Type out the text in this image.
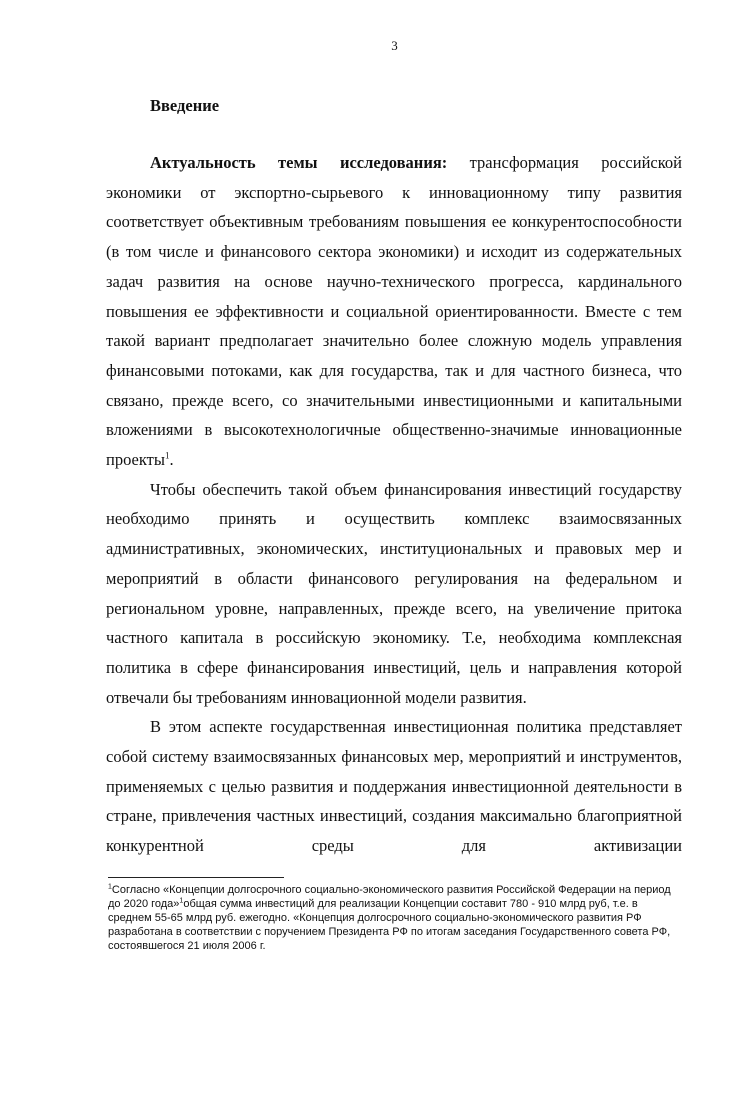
3
Введение

Актуальность темы исследования: трансформация российской экономики от экспортно-сырьевого к инновационному типу развития соответствует объективным требованиям повышения ее конкурентоспособности (в том числе и финансового сектора экономики) и исходит из содержательных задач развития на основе научно-технического прогресса, кардинального повышения ее эффективности и социальной ориентированности. Вместе с тем такой вариант предполагает значительно более сложную модель управления финансовыми потоками, как для государства, так и для частного бизнеса, что связано, прежде всего, со значительными инвестиционными и капитальными вложениями в высокотехнологичные общественно-значимые инновационные проекты$^1$.

Чтобы обеспечить такой объем финансирования инвестиций государству необходимо принять и осуществить комплекс взаимосвязанных административных, экономических, институциональных и правовых мер и мероприятий в области финансового регулирования на федеральном и региональном уровне, направленных, прежде всего, на увеличение притока частного капитала в российскую экономику. Т.е, необходима комплексная политика в сфере финансирования инвестиций, цель и направления которой отвечали бы требованиям инновационной модели развития.

В этом аспекте государственная инвестиционная политика представляет собой систему взаимосвязанных финансовых мер, мероприятий и инструментов, применяемых с целью развития и поддержания инвестиционной деятельности в стране, привлечения частных инвестиций, создания максимально благоприятной конкурентной среды для активизации

$^1$Согласно «Концепции долгосрочного социально-экономического развития Российской Федерации на период до 2020 года»$^1$общая сумма инвестиций для реализации Концепции составит 780 - 910 млрд руб, т.е. в среднем 55-65 млрд руб. ежегодно. «Концепция долгосрочного социально-экономического развития РФ разработана в соответствии с поручением Президента РФ по итогам заседания Государственного совета РФ, состоявшегося 21 июля 2006 г.
